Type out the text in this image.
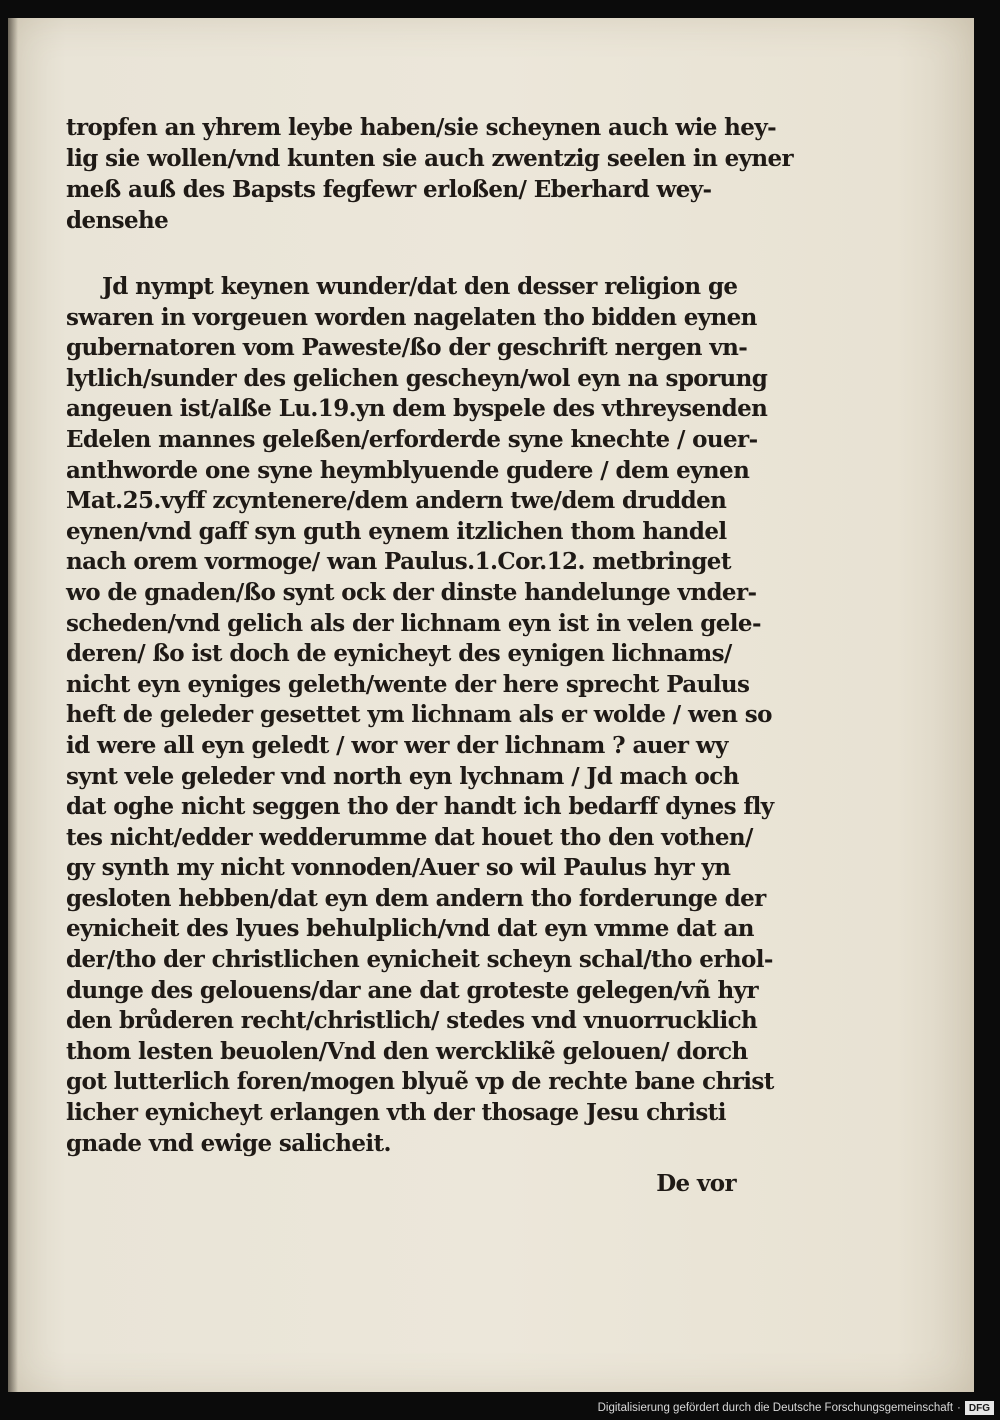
tropfen an yhrem leybe haben/sie scheynen auch wie hey-
lig sie wollen/vnd kunten sie auch zwentzig seelen in eyner
meß auß des Bapsts fegfewr erloßen/ Eberhard wey-
densehe
Jd nympt keynen wunder/dat den desser religion ge
swaren in vorgeuen worden nagelaten tho bidden eynen
gubernatoren vom Paweste/ßo der geschrift nergen vn-
lytlich/sunder des gelichen gescheyn/wol eyn na sporung
angeuen ist/alße Lu.19.yn dem byspele des vthreysenden
Edelen mannes geleßen/erforderde syne knechte / ouer-
anthworde one syne heymblyuende gudere / dem eynen
Mat.25.vyff zcyntenere/dem andern twe/dem drudden
eynen/vnd gaff syn guth eynem itzlichen thom handel
nach orem vormoge/ wan Paulus.1.Cor.12. metbringet
wo de gnaden/ßo synt ock der dinste handelunge vnder-
scheden/vnd gelich als der lichnam eyn ist in velen gele-
deren/ ßo ist doch de eynicheyt des eynigen lichnams/
nicht eyn eyniges geleth/wente der here sprecht Paulus
heft de geleder gesettet ym lichnam als er wolde / wen so
id were all eyn geledt / wor wer der lichnam ? auer wy
synt vele geleder vnd north eyn lychnam / Jd mach och
dat oghe nicht seggen tho der handt ich bedarff dynes fly
tes nicht/edder wedderumme dat houet tho den vothen/
gy synth my nicht vonnoden/Auer so wil Paulus hyr yn
gesloten hebben/dat eyn dem andern tho forderunge der
eynicheit des lyues behulplich/vnd dat eyn vmme dat an
der/tho der christlichen eynicheit scheyn schal/tho erhol-
dunge des gelouens/dar ane dat groteste gelegen/vñ hyr
den brůderen recht/christlich/ stedes vnd vnuorrucklich
thom lesten beuolen/Vnd den wercklikẽ gelouen/ dorch
got lutterlich foren/mogen blyuẽ vp de rechte bane christ
licher eynicheyt erlangen vth der thosage Jesu christi
gnade vnd ewige salicheit.
De vor
Digitalisierung gefördert durch die Deutsche Forschungsgemeinschaft · DFG
